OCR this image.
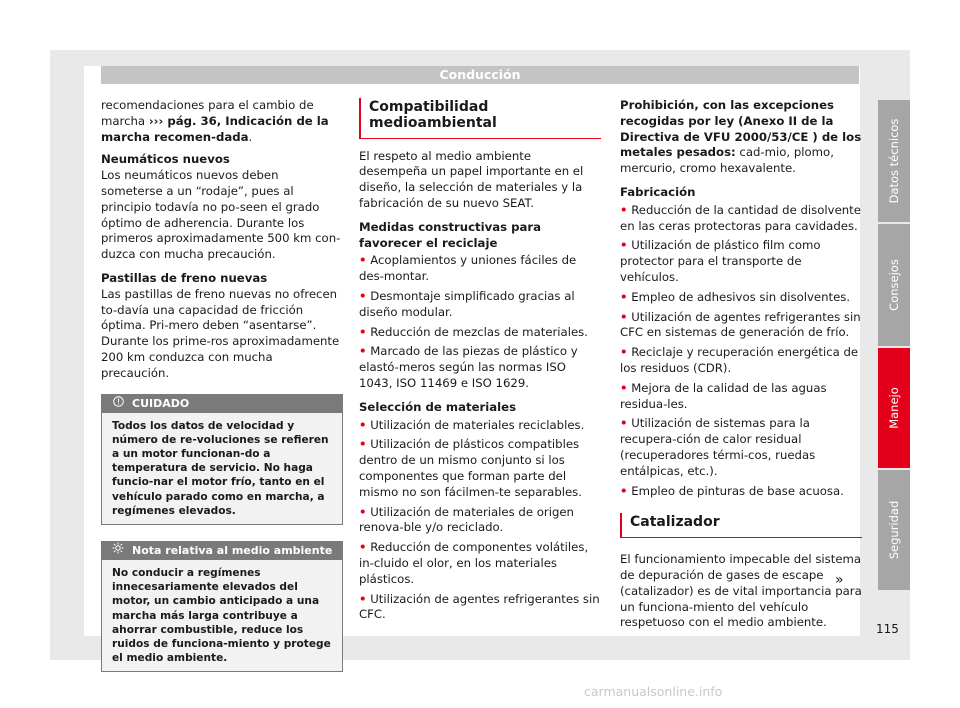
Conducción

recomendaciones para el cambio de marcha ››› pág. 36, Indicación de la marcha recomen-dada.

Neumáticos nuevos
Los neumáticos nuevos deben someterse a un “rodaje”, pues al principio todavía no po-seen el grado óptimo de adherencia. Durante los primeros aproximadamente 500 km con-duzca con mucha precaución.

Pastillas de freno nuevas
Las pastillas de freno nuevas no ofrecen to-davía una capacidad de fricción óptima. Pri-mero deben “asentarse”. Durante los prime-ros aproximadamente 200 km conduzca con mucha precaución.

CUIDADO
Todos los datos de velocidad y número de re-voluciones se refieren a un motor funcionan-do a temperatura de servicio. No haga funcio-nar el motor frío, tanto en el vehículo parado como en marcha, a regímenes elevados.
Nota relativa al medio ambiente
No conducir a regímenes innecesariamente elevados del motor, un cambio anticipado a una marcha más larga contribuye a ahorrar combustible, reduce los ruidos de funciona-miento y protege el medio ambiente.
Compatibilidad medioambiental

El respeto al medio ambiente desempeña un papel importante en el diseño, la selección de materiales y la fabricación de su nuevo SEAT.

Medidas constructivas para favorecer el reciclaje

• Acoplamientos y uniones fáciles de des-montar.
• Desmontaje simplificado gracias al diseño modular.
• Reducción de mezclas de materiales.
• Marcado de las piezas de plástico y elastó-meros según las normas ISO 1043, ISO 11469 e ISO 1629.

Selección de materiales

• Utilización de materiales reciclables.
• Utilización de plásticos compatibles dentro de un mismo conjunto si los componentes que forman parte del mismo no son fácilmen-te separables.
• Utilización de materiales de origen renova-ble y/o reciclado.
• Reducción de componentes volátiles, in-cluido el olor, en los materiales plásticos.
• Utilización de agentes refrigerantes sin CFC.

Prohibición, con las excepciones recogidas por ley (Anexo II de la Directiva de VFU 2000/53/CE ) de los metales pesados: cad-mio, plomo, mercurio, cromo hexavalente.

Fabricación

• Reducción de la cantidad de disolvente en las ceras protectoras para cavidades.
• Utilización de plástico film como protector para el transporte de vehículos.
• Empleo de adhesivos sin disolventes.
• Utilización de agentes refrigerantes sin CFC en sistemas de generación de frío.
• Reciclaje y recuperación energética de los residuos (CDR).
• Mejora de la calidad de las aguas residua-les.
• Utilización de sistemas para la recupera-ción de calor residual (recuperadores térmi-cos, ruedas entálpicas, etc.).
• Empleo de pinturas de base acuosa.
Catalizador

El funcionamiento impecable del sistema de depuración de gases de escape (catalizador) es de vital importancia para un funciona-miento del vehículo respetuoso con el medio ambiente.

»
Datos técnicos
Consejos
Manejo
Seguridad
115
carmanualsonline.info
